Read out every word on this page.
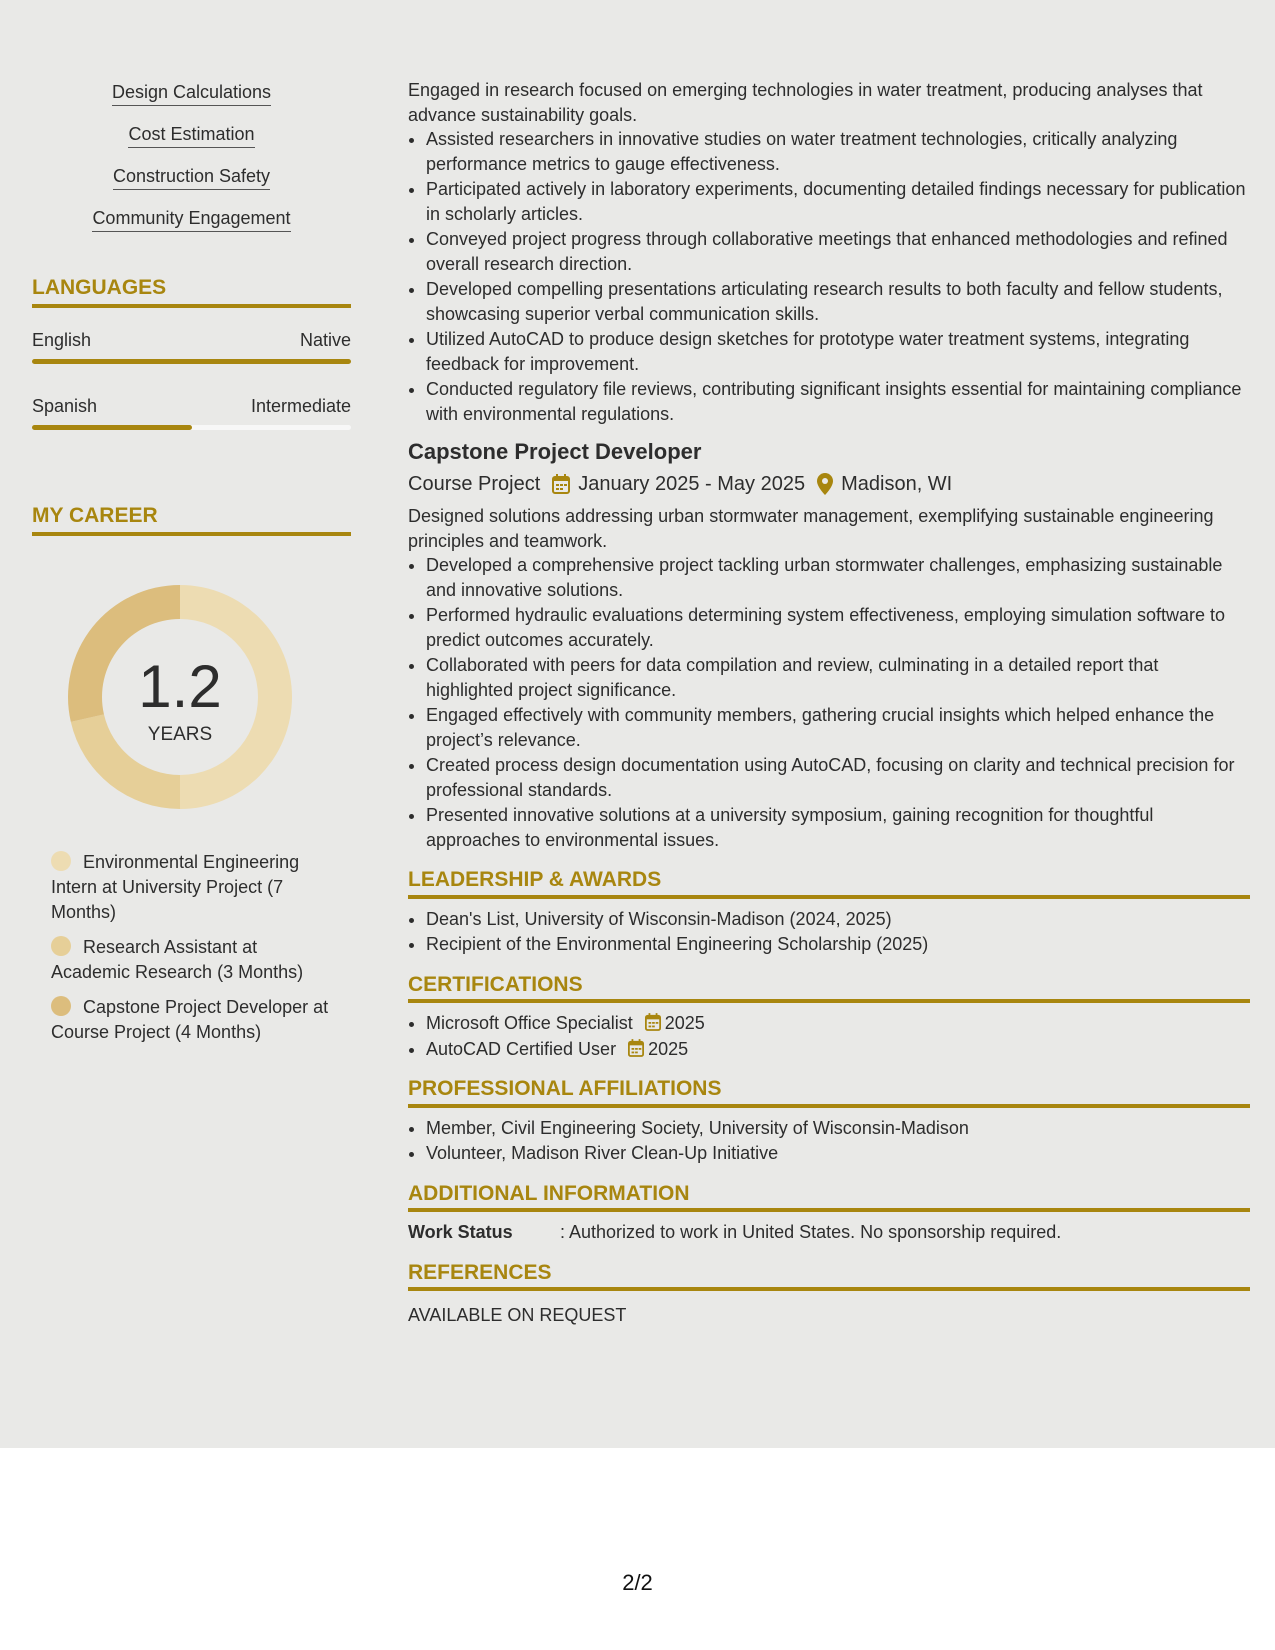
Design Calculations
Cost Estimation
Construction Safety
Community Engagement
LANGUAGES
English	Native
Spanish	Intermediate
MY CAREER
1.2
YEARS
Environmental Engineering Intern at University Project (7 Months)
Research Assistant at Academic Research (3 Months)
Capstone Project Developer at Course Project (4 Months)

Engaged in research focused on emerging technologies in water treatment, producing analyses that advance sustainability goals.

• Assisted researchers in innovative studies on water treatment technologies, critically analyzing performance metrics to gauge effectiveness.
• Participated actively in laboratory experiments, documenting detailed findings necessary for publication in scholarly articles.
• Conveyed project progress through collaborative meetings that enhanced methodologies and refined overall research direction.
• Developed compelling presentations articulating research results to both faculty and fellow students, showcasing superior verbal communication skills.
• Utilized AutoCAD to produce design sketches for prototype water treatment systems, integrating feedback for improvement.
• Conducted regulatory file reviews, contributing significant insights essential for maintaining compliance with environmental regulations.
Capstone Project Developer
Course Project January 2025 - May 2025 Madison, WI

Designed solutions addressing urban stormwater management, exemplifying sustainable engineering principles and teamwork.

• Developed a comprehensive project tackling urban stormwater challenges, emphasizing sustainable and innovative solutions.
• Performed hydraulic evaluations determining system effectiveness, employing simulation software to predict outcomes accurately.
• Collaborated with peers for data compilation and review, culminating in a detailed report that highlighted project significance.
• Engaged effectively with community members, gathering crucial insights which helped enhance the project’s relevance.
• Created process design documentation using AutoCAD, focusing on clarity and technical precision for professional standards.
• Presented innovative solutions at a university symposium, gaining recognition for thoughtful approaches to environmental issues.
LEADERSHIP & AWARDS
• Dean's List, University of Wisconsin-Madison (2024, 2025)
• Recipient of the Environmental Engineering Scholarship (2025)
CERTIFICATIONS
• Microsoft Office Specialist 2025
• AutoCAD Certified User 2025
PROFESSIONAL AFFILIATIONS
• Member, Civil Engineering Society, University of Wisconsin-Madison
• Volunteer, Madison River Clean-Up Initiative
ADDITIONAL INFORMATION
Work Status	: Authorized to work in United States. No sponsorship required.
REFERENCES
AVAILABLE ON REQUEST
2/2
